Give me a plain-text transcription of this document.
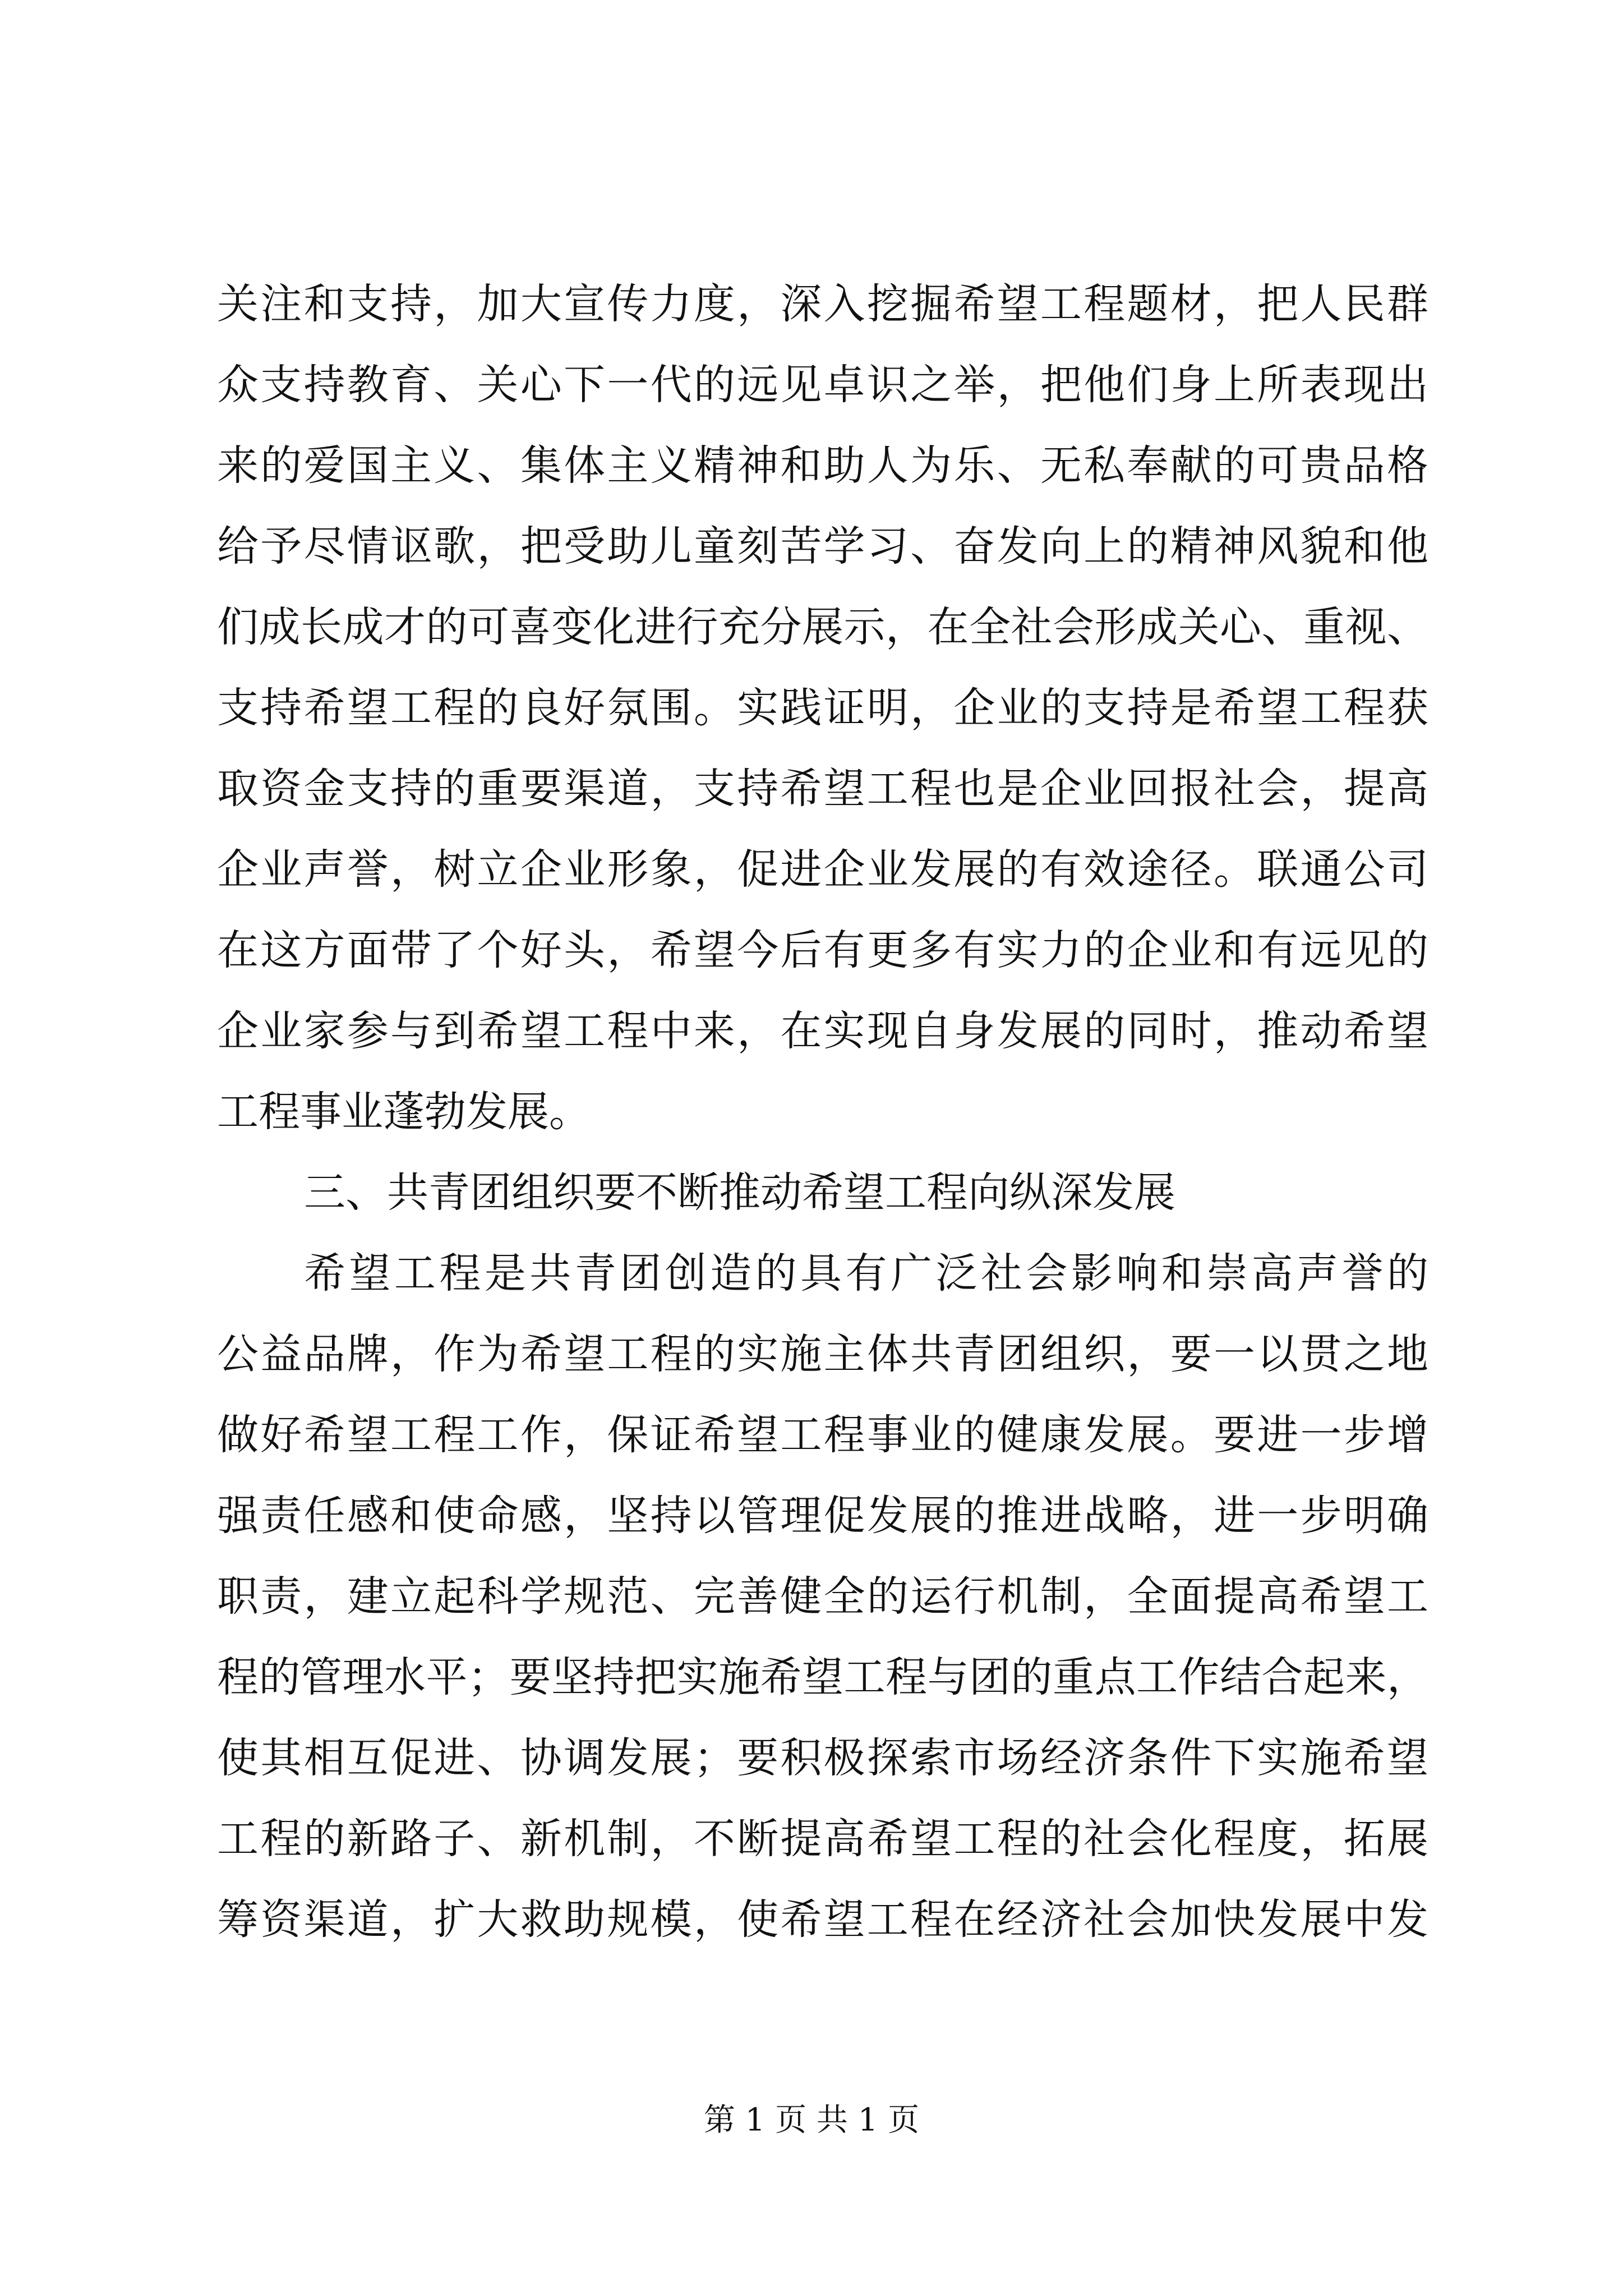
关注和支持，加大宣传力度，深入挖掘希望工程题材，把人民群
众支持教育、关心下一代的远见卓识之举，把他们身上所表现出
来的爱国主义、集体主义精神和助人为乐、无私奉献的可贵品格
给予尽情讴歌，把受助儿童刻苦学习、奋发向上的精神风貌和他
们成长成才的可喜变化进行充分展示，在全社会形成关心、重视、
支持希望工程的良好氛围。实践证明，企业的支持是希望工程获
取资金支持的重要渠道，支持希望工程也是企业回报社会，提高
企业声誉，树立企业形象，促进企业发展的有效途径。联通公司
在这方面带了个好头，希望今后有更多有实力的企业和有远见的
企业家参与到希望工程中来，在实现自身发展的同时，推动希望
工程事业蓬勃发展。
三、共青团组织要不断推动希望工程向纵深发展
希望工程是共青团创造的具有广泛社会影响和崇高声誉的
公益品牌，作为希望工程的实施主体共青团组织，要一以贯之地
做好希望工程工作，保证希望工程事业的健康发展。要进一步增
强责任感和使命感，坚持以管理促发展的推进战略，进一步明确
职责，建立起科学规范、完善健全的运行机制，全面提高希望工
程的管理水平；要坚持把实施希望工程与团的重点工作结合起来，
使其相互促进、协调发展；要积极探索市场经济条件下实施希望
工程的新路子、新机制，不断提高希望工程的社会化程度，拓展
筹资渠道，扩大救助规模，使希望工程在经济社会加快发展中发
第 1 页 共 1 页
